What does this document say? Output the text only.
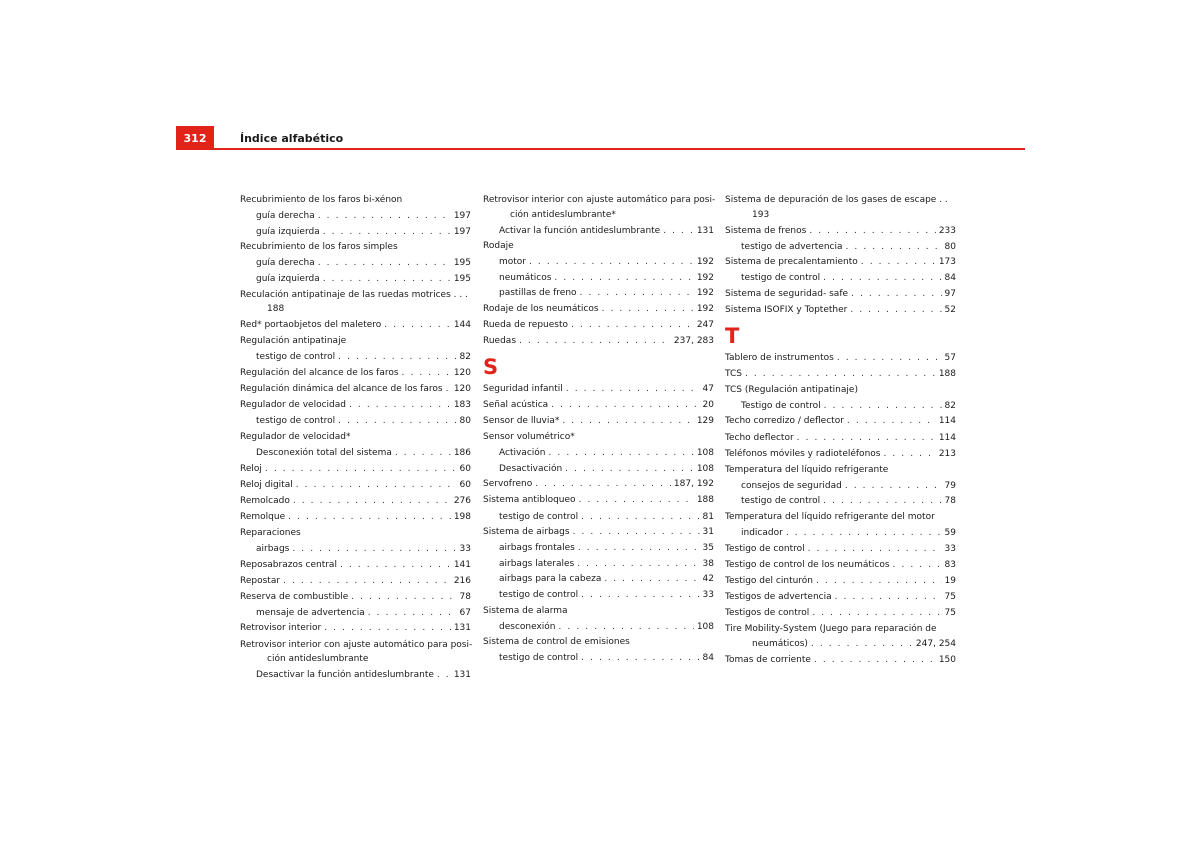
312	Índice alfabético
Recubrimiento de los faros bi-xénon
guía derecha . . .	197
guía izquierda . . .	197
Recubrimiento de los faros simples
guía derecha . . .	195
guía izquierda . . .	195
Reculación antipatinaje de las ruedas motrices . . .
188
Red* portaobjetos del maletero . . .	144
Regulación antipatinaje
testigo de control . . .	82
Regulación del alcance de los faros . . .	120
Regulación dinámica del alcance de los faros . . . 120
Regulador de velocidad . . .	183
testigo de control . . .	80
Regulador de velocidad*
Desconexión total del sistema . . .	186
Reloj . . .	60
Reloj digital . . .	60
Remolcado . . .	276
Remolque . . .	198
Reparaciones
airbags . . .	33
Reposabrazos central . . .	141
Repostar . . .	216
Reserva de combustible . . .	78
mensaje de advertencia . . .	67
Retrovisor interior . . .	131
Retrovisor interior con ajuste automático para posi-
ción antideslumbrante
Desactivar la función antideslumbrante . . . 131
Retrovisor interior con ajuste automático para posi-
ción antideslumbrante*
Activar la función antideslumbrante . . .	131
Rodaje
motor . . .	192
neumáticos . . .	192
pastillas de freno . . .	192
Rodaje de los neumáticos . . .	192
Rueda de repuesto . . .	247
Ruedas . . .	237, 283
S
Seguridad infantil . . .	47
Señal acústica . . .	20
Sensor de lluvia* . . .	129
Sensor volumétrico*
Activación . . .	108
Desactivación . . .	108
Servofreno . . .	187, 192
Sistema antibloqueo . . .	188
testigo de control . . .	81
Sistema de airbags . . .	31
airbags frontales . . .	35
airbags laterales . . .	38
airbags para la cabeza . . .	42
testigo de control . . .	33
Sistema de alarma
desconexión . . .	108
Sistema de control de emisiones
testigo de control . . .	84
Sistema de depuración de los gases de escape . .
193
Sistema de frenos . . .	233
testigo de advertencia . . .	80
Sistema de precalentamiento . . .	173
testigo de control . . .	84
Sistema de seguridad- safe . . .	97
Sistema ISOFIX y Toptether . . .	52
T
Tablero de instrumentos . . .	57
TCS . . .	188
TCS (Regulación antipatinaje)
Testigo de control . . .	82
Techo corredizo / deflector . . .	114
Techo deflector . . .	114
Teléfonos móviles y radioteléfonos . . .	213
Temperatura del líquido refrigerante
consejos de seguridad . . .	79
testigo de control . . .	78
Temperatura del líquido refrigerante del motor
indicador . . .	59
Testigo de control . . .	33
Testigo de control de los neumáticos . . .	83
Testigo del cinturón . . .	19
Testigos de advertencia . . .	75
Testigos de control . . .	75
Tire Mobility-System (Juego para reparación de
neumáticos) . . .	247, 254
Tomas de corriente . . .	150
